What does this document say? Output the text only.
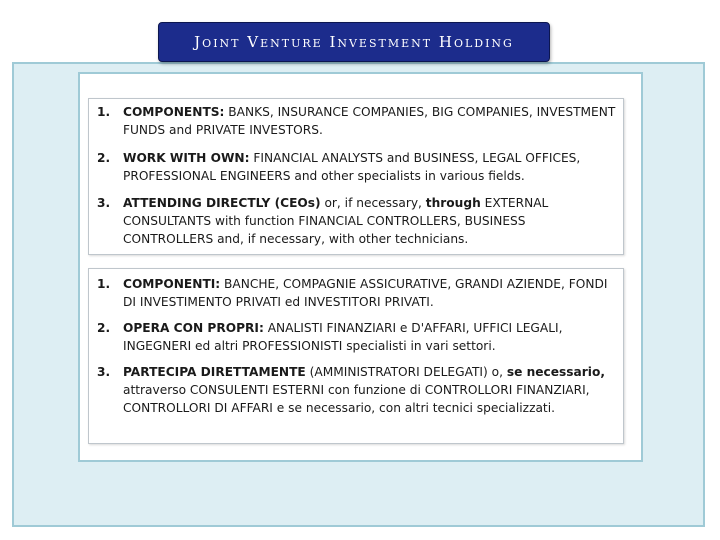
Joint Venture Investment Holding
1.	COMPONENTS: BANKS, INSURANCE COMPANIES, BIG COMPANIES, INVESTMENT FUNDS and PRIVATE INVESTORS.
2.	WORK WITH OWN: FINANCIAL ANALYSTS and BUSINESS, LEGAL OFFICES, PROFESSIONAL ENGINEERS and other specialists in various fields.
3.	ATTENDING DIRECTLY (CEOs) or, if necessary, through EXTERNAL CONSULTANTS with function FINANCIAL CONTROLLERS, BUSINESS CONTROLLERS and, if necessary, with other technicians.
1.	COMPONENTI: BANCHE, COMPAGNIE ASSICURATIVE, GRANDI AZIENDE, FONDI DI INVESTIMENTO PRIVATI ed INVESTITORI PRIVATI.
2.	OPERA CON PROPRI: ANALISTI FINANZIARI e D'AFFARI, UFFICI LEGALI, INGEGNERI ed altri PROFESSIONISTI specialisti in vari settori.
3.	PARTECIPA DIRETTAMENTE (AMMINISTRATORI DELEGATI) o, se necessario, attraverso CONSULENTI ESTERNI con funzione di CONTROLLORI FINANZIARI, CONTROLLORI DI AFFARI e se necessario, con altri tecnici specializzati.
